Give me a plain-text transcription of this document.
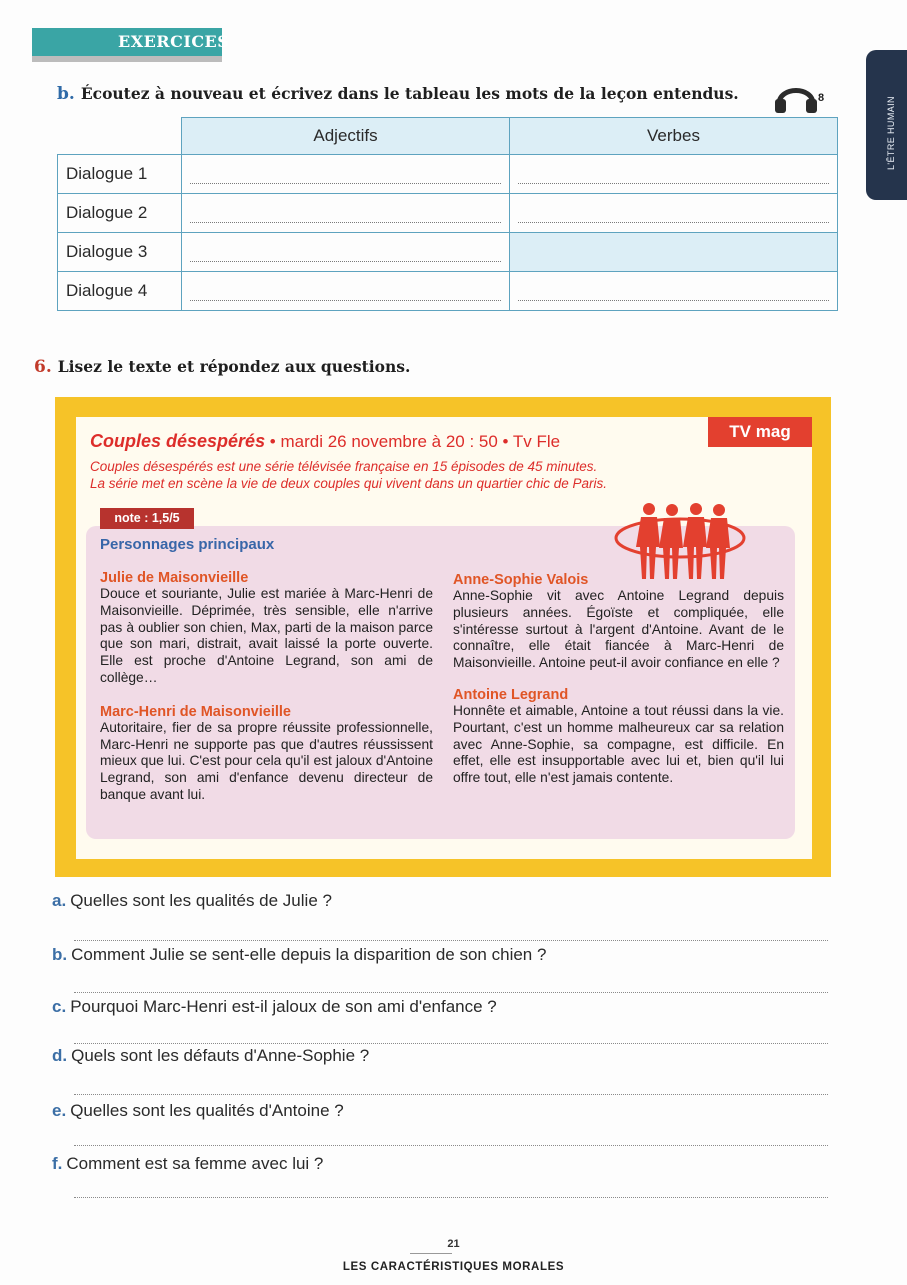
EXERCICES
L'ÊTRE HUMAIN
b. Écoutez à nouveau et écrivez dans le tableau les mots de la leçon entendus.	8
	Adjectifs	Verbes
Dialogue 1	

Dialogue 2	

Dialogue 3	

Dialogue 4	

6. Lisez le texte et répondez aux questions.
TV mag
Couples désespérés • mardi 26 novembre à 20 : 50 • Tv Fle
Couples désespérés est une série télévisée française en 15 épisodes de 45 minutes.
La série met en scène la vie de deux couples qui vivent dans un quartier chic de Paris.
note : 1,5/5
Personnages principaux
Julie de Maisonvieille
Douce et souriante, Julie est mariée à Marc-Henri de Maisonvieille. Déprimée, très sensible, elle n'arrive pas à oublier son chien, Max, parti de la maison parce que son mari, distrait, avait laissé la porte ouverte. Elle est proche d'Antoine Legrand, son ami de collège…
Marc-Henri de Maisonvieille
Autoritaire, fier de sa propre réussite professionnelle, Marc-Henri ne supporte pas que d'autres réussissent mieux que lui. C'est pour cela qu'il est jaloux d'Antoine Legrand, son ami d'enfance devenu directeur de banque avant lui.
Anne-Sophie Valois
Anne-Sophie vit avec Antoine Legrand depuis plusieurs années. Égoïste et compliquée, elle s'intéresse surtout à l'argent d'Antoine. Avant de le connaître, elle était fiancée à Marc-Henri de Maisonvieille. Antoine peut-il avoir confiance en elle ?
Antoine Legrand
Honnête et aimable, Antoine a tout réussi dans la vie. Pourtant, c'est un homme malheureux car sa relation avec Anne-Sophie, sa compagne, est difficile. En effet, elle est insupportable avec lui et, bien qu'il lui offre tout, elle n'est jamais contente.
a. Quelles sont les qualités de Julie ?
b. Comment Julie se sent-elle depuis la disparition de son chien ?
c. Pourquoi Marc-Henri est-il jaloux de son ami d'enfance ?
d. Quels sont les défauts d'Anne-Sophie ?
e. Quelles sont les qualités d'Antoine ?
f. Comment est sa femme avec lui ?
21
LES CARACTÉRISTIQUES MORALES
